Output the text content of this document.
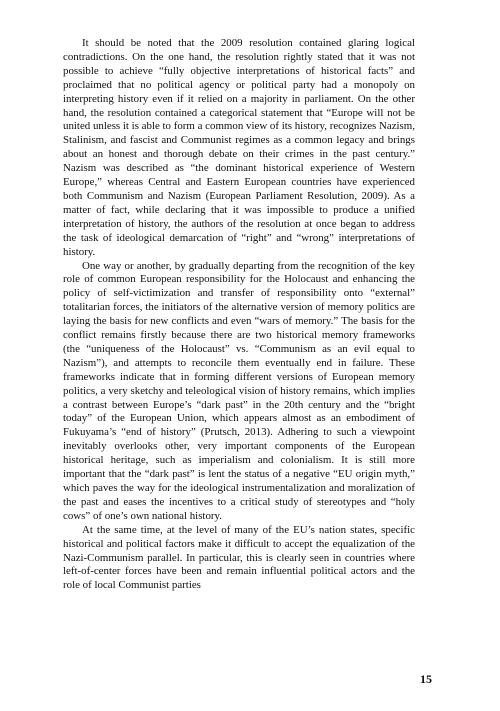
It should be noted that the 2009 resolution contained glaring logical contradictions. On the one hand, the resolution rightly stated that it was not possible to achieve “fully objective interpretations of historical facts” and proclaimed that no political agency or political party had a monopoly on interpreting history even if it relied on a majority in parliament. On the other hand, the resolution contained a categorical statement that “Europe will not be united unless it is able to form a common view of its history, recognizes Nazism, Stalinism, and fascist and Communist regimes as a common legacy and brings about an honest and thorough debate on their crimes in the past century.” Nazism was described as “the dominant historical experience of Western Europe,” whereas Central and Eastern European countries have experienced both Communism and Nazism (European Parliament Resolution, 2009). As a matter of fact, while declaring that it was impossible to produce a unified interpretation of history, the authors of the resolution at once began to address the task of ideological demarcation of “right” and “wrong” interpretations of history.

One way or another, by gradually departing from the recognition of the key role of common European responsibility for the Holocaust and enhancing the policy of self-victimization and transfer of responsibility onto “external” totalitarian forces, the initiators of the alternative version of memory politics are laying the basis for new conflicts and even “wars of memory.” The basis for the conflict remains firstly because there are two historical memory frameworks (the “uniqueness of the Holocaust” vs. “Communism as an evil equal to Nazism”), and attempts to reconcile them eventually end in failure. These frameworks indicate that in forming different versions of European memory politics, a very sketchy and teleological vision of history remains, which implies a contrast between Europe’s “dark past” in the 20th century and the “bright today” of the European Union, which appears almost as an embodiment of Fukuyama’s “end of history” (Prutsch, 2013). Adhering to such a viewpoint inevitably overlooks other, very important components of the European historical heritage, such as imperialism and colonialism. It is still more important that the “dark past” is lent the status of a negative “EU origin myth,” which paves the way for the ideological instrumentalization and moralization of the past and eases the incentives to a critical study of stereotypes and “holy cows” of one’s own national history.

At the same time, at the level of many of the EU’s nation states, specific historical and political factors make it difficult to accept the equalization of the Nazi-Communism parallel. In particular, this is clearly seen in countries where left-of-center forces have been and remain influential political actors and the role of local Communist parties

15
